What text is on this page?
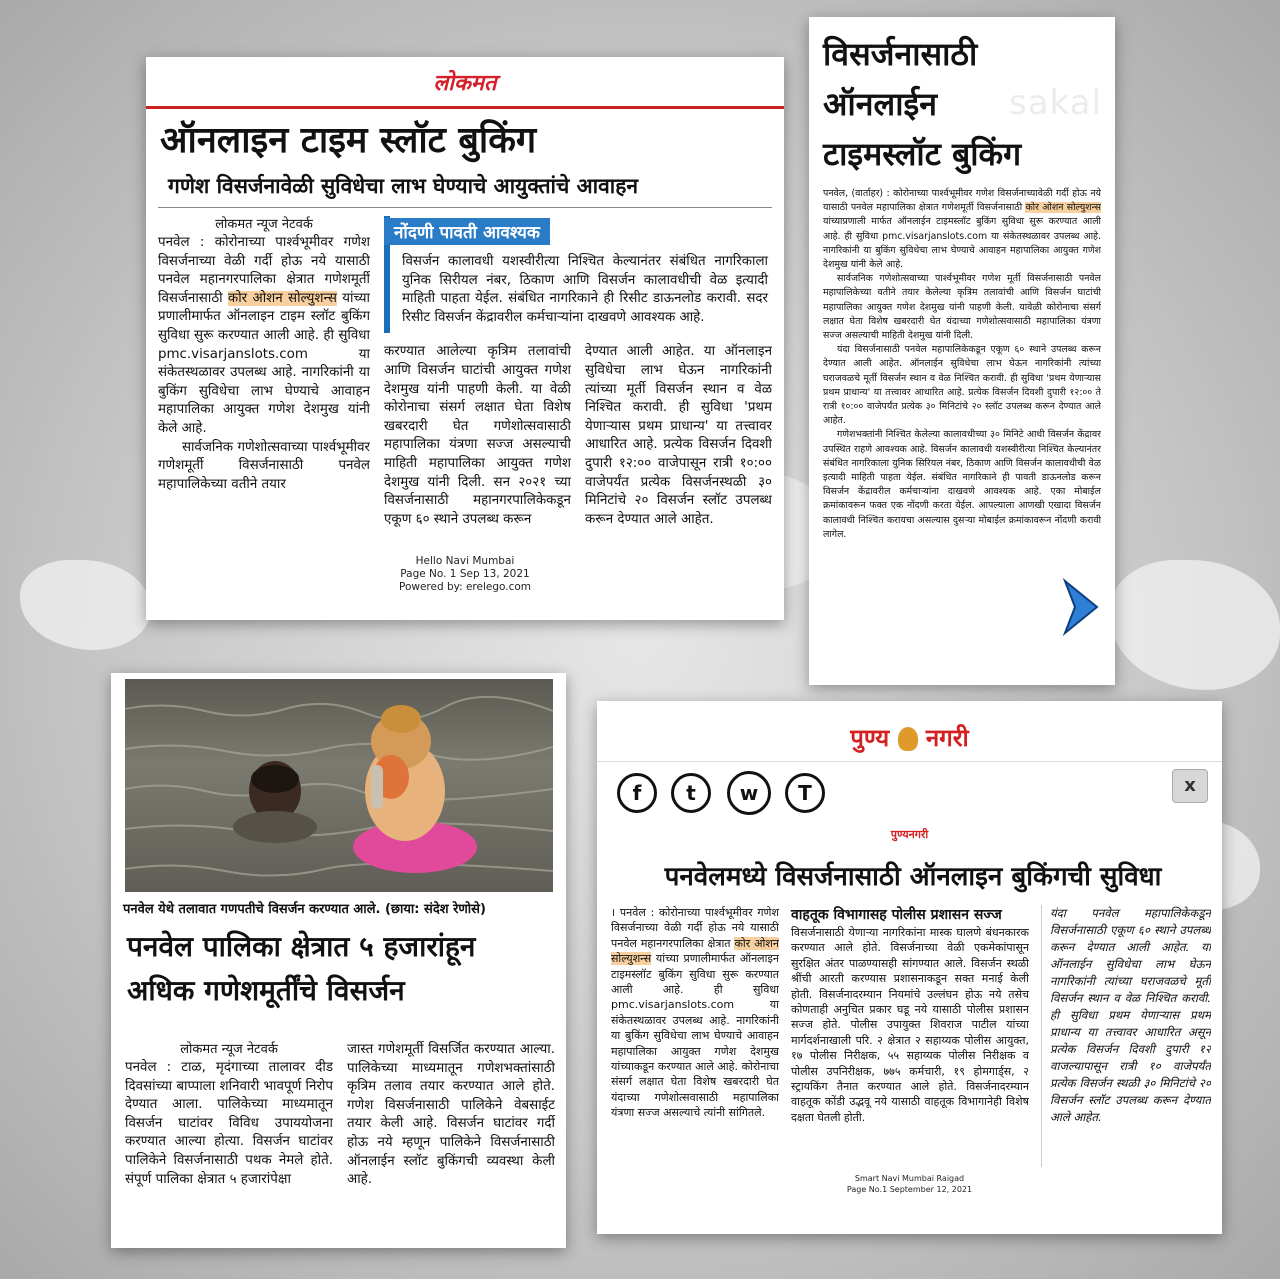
लोकमत
ऑनलाइन टाइम स्लॉट बुकिंग
गणेश विसर्जनावेळी सुविधेचा लाभ घेण्याचे आयुक्तांचे आवाहन
लोकमत न्यूज नेटवर्क
पनवेल : कोरोनाच्या पार्श्वभूमीवर गणेश विसर्जनाच्या वेळी गर्दी होऊ नये यासाठी पनवेल महानगरपालिका क्षेत्रात गणेशमूर्ती विसर्जनासाठी कोर ओशन सोल्युशन्स यांच्या प्रणालीमार्फत ऑनलाइन टाइम स्लॉट बुकिंग सुविधा सुरू करण्यात आली आहे. ही सुविधा pmc.visarjanslots.com या संकेतस्थळावर उपलब्ध आहे. नागरिकांनी या बुकिंग सुविधेचा लाभ घेण्याचे आवाहन महापालिका आयुक्त गणेश देशमुख यांनी केले आहे.
सार्वजनिक गणेशोत्सवाच्या पार्श्वभूमीवर गणेशमूर्ती विसर्जनासाठी पनवेल महापालिकेच्या वतीने तयार
नोंदणी पावती आवश्यक
विसर्जन कालावधी यशस्वीरीत्या निश्चित केल्यानंतर संबंधित नागरिकाला युनिक सिरीयल नंबर, ठिकाण आणि विसर्जन कालावधीची वेळ इत्यादी माहिती पाहता येईल. संबंधित नागरिकाने ही रिसीट डाऊनलोड करावी. सदर रिसीट विसर्जन केंद्रावरील कर्मचाऱ्यांना दाखवणे आवश्यक आहे.
करण्यात आलेल्या कृत्रिम तलावांची आणि विसर्जन घाटांची आयुक्त गणेश देशमुख यांनी पाहणी केली. या वेळी कोरोनाचा संसर्ग लक्षात घेता विशेष खबरदारी घेत गणेशोत्सवासाठी महापालिका यंत्रणा सज्ज असल्याची माहिती महापालिका आयुक्त गणेश देशमुख यांनी दिली. सन २०२१ च्या विसर्जनासाठी महानगरपालिकेकडून एकूण ६० स्थाने उपलब्ध करून
देण्यात आली आहेत. या ऑनलाइन सुविधेचा लाभ घेऊन नागरिकांनी त्यांच्या मूर्ती विसर्जन स्थान व वेळ निश्चित करावी. ही सुविधा 'प्रथम येणाऱ्यास प्रथम प्राधान्य' या तत्त्वावर आधारित आहे. प्रत्येक विसर्जन दिवशी दुपारी १२:०० वाजेपासून रात्री १०:०० वाजेपर्यंत प्रत्येक विसर्जनस्थळी ३० मिनिटांचे २० विसर्जन स्लॉट उपलब्ध करून देण्यात आले आहेत.
Hello Navi Mumbai
Page No. 1 Sep 13, 2021
Powered by: erelego.com
sakal
विसर्जनासाठी
ऑनलाईन
टाइमस्लॉट बुकिंग
पनवेल, (वार्ताहर) : कोरोनाच्या पार्श्वभूमीवर गणेश विसर्जनाच्यावेळी गर्दी होऊ नये यासाठी पनवेल महापालिका क्षेत्रात गणेशमूर्ती विसर्जनासाठी कोर ओशन सोल्युशन्स यांच्याप्रणाली मार्फत ऑनलाईन टाइमस्लॉट बुकिंग सुविधा सुरू करण्यात आली आहे. ही सुविधा pmc.visarjanslots.com या संकेतस्थळावर उपलब्ध आहे. नागरिकांनी या बुकिंग सुविधेचा लाभ घेण्याचे आवाहन महापालिका आयुक्त गणेश देशमुख यांनी केले आहे.
सार्वजनिक गणेशोत्सवाच्या पार्श्वभूमीवर गणेश मूर्ती विसर्जनासाठी पनवेल महापालिकेच्या वतीने तयार केलेल्या कृत्रिम तलावांची आणि विसर्जन घाटांची महापालिका आयुक्त गणेश देशमुख यांनी पाहणी केली. यावेळी कोरोनाचा संसर्ग लक्षात घेता विशेष खबरदारी घेत यंदाच्या गणेशोत्सवासाठी महापालिका यंत्रणा सज्ज असल्याची माहिती देशमुख यांनी दिली.
यंदा विसर्जनासाठी पनवेल महापालिकेकडून एकूण ६० स्थाने उपलब्ध करून देण्यात आली आहेत. ऑनलाईन सुविधेचा लाभ घेऊन नागरिकांनी त्यांच्या घराजवळचे मूर्ती विसर्जन स्थान व वेळ निश्चित करावी. ही सुविधा 'प्रथम येणाऱ्यास प्रथम प्राधान्य' या तत्त्वावर आधारित आहे. प्रत्येक विसर्जन दिवशी दुपारी १२:०० ते रात्री १०:०० वाजेपर्यंत प्रत्येक ३० मिनिटांचे २० स्लॉट उपलब्ध करून देण्यात आले आहेत.
गणेशभक्तांनी निश्चित केलेल्या कालावधीच्या ३० मिनिटे आधी विसर्जन केंद्रावर उपस्थित राहणे आवश्यक आहे. विसर्जन कालावधी यशस्वीरीत्या निश्चित केल्यानंतर संबंधित नागरिकाला युनिक सिरियल नंबर, ठिकाण आणि विसर्जन कालावधीची वेळ इत्यादी माहिती पाहता येईल. संबंधित नागरिकाने ही पावती डाऊनलोड करून विसर्जन केंद्रावरील कर्मचाऱ्यांना दाखवणे आवश्यक आहे. एका मोबाईल क्रमांकावरून फक्त एक नोंदणी करता येईल. आपल्याला आणखी एखादा विसर्जन कालावधी निश्चित करायचा असल्यास दुसऱ्या मोबाईल क्रमांकावरून नोंदणी करावी लागेल.
पनवेल येथे तलावात गणपतीचे विसर्जन करण्यात आले. (छाया: संदेश रेणोसे)
पनवेल पालिका क्षेत्रात ५ हजारांहून
अधिक गणेशमूर्तींचे विसर्जन
लोकमत न्यूज नेटवर्क
पनवेल : टाळ, मृदंगाच्या तालावर दीड दिवसांच्या बाप्पाला शनिवारी भावपूर्ण निरोप देण्यात आला. पालिकेच्या माध्यमातून विसर्जन घाटांवर विविध उपाययोजना करण्यात आल्या होत्या. विसर्जन घाटांवर पालिकेने विसर्जनासाठी पथक नेमले होते. संपूर्ण पालिका क्षेत्रात ५ हजारांपेक्षा
जास्त गणेशमूर्ती विसर्जित करण्यात आल्या. पालिकेच्या माध्यमातून गणेशभक्तांसाठी कृत्रिम तलाव तयार करण्यात आले होते. गणेश विसर्जनासाठी पालिकेने वेबसाईट तयार केली आहे. विसर्जन घाटांवर गर्दी होऊ नये म्हणून पालिकेने विसर्जनासाठी ऑनलाईन स्लॉट बुकिंगची व्यवस्था केली आहे.
पुण्य नगरी
f	t	w	T	x
पुण्यनगरी
पनवेलमध्ये विसर्जनासाठी ऑनलाइन बुकिंगची सुविधा
। पनवेल : कोरोनाच्या पार्श्वभूमीवर गणेश विसर्जनाच्या वेळी गर्दी होऊ नये यासाठी पनवेल महानगरपालिका क्षेत्रात कोर ओशन सोल्युशन्स यांच्या प्रणालीमार्फत ऑनलाइन टाइमस्लॉट बुकिंग सुविधा सुरू करण्यात आली आहे. ही सुविधा pmc.visarjanslots.com या संकेतस्थळावर उपलब्ध आहे. नागरिकांनी या बुकिंग सुविधेचा लाभ घेण्याचे आवाहन महापालिका आयुक्त गणेश देशमुख यांच्याकडून करण्यात आले आहे. कोरोनाचा संसर्ग लक्षात घेता विशेष खबरदारी घेत यंदाच्या गणेशोत्सवासाठी महापालिका यंत्रणा सज्ज असल्याचे त्यांनी सांगितले.
वाहतूक विभागासह पोलीस प्रशासन सज्ज
विसर्जनासाठी येणाऱ्या नागरिकांना मास्क घालणे बंधनकारक करण्यात आले होते. विसर्जनाच्या वेळी एकमेकांपासून सुरक्षित अंतर पाळण्यासही सांगण्यात आले. विसर्जन स्थळी श्रींची आरती करण्यास प्रशासनाकडून सक्त मनाई केली होती. विसर्जनादरम्यान नियमांचे उल्लंघन होऊ नये तसेच कोणताही अनुचित प्रकार घडू नये यासाठी पोलीस प्रशासन सज्ज होते. पोलीस उपायुक्त शिवराज पाटील यांच्या मार्गदर्शनाखाली परि. २ क्षेत्रात २ सहाय्यक पोलीस आयुक्त, १७ पोलीस निरीक्षक, ५५ सहाय्यक पोलीस निरीक्षक व पोलीस उपनिरीक्षक, ७७५ कर्मचारी, १९ होमगार्ड्स, २ स्ट्रायकिंग तैनात करण्यात आले होते. विसर्जनादरम्यान वाहतूक कोंडी उद्भवू नये यासाठी वाहतूक विभागानेही विशेष दक्षता घेतली होती.
यंदा पनवेल महापालिकेकडून विसर्जनासाठी एकूण ६० स्थाने उपलब्ध करून देण्यात आली आहेत. या ऑनलाईन सुविधेचा लाभ घेऊन नागरिकांनी त्यांच्या घराजवळचे मूर्ती विसर्जन स्थान व वेळ निश्चित करावी. ही सुविधा प्रथम येणाऱ्यास प्रथम प्राधान्य या तत्त्वावर आधारित असून प्रत्येक विसर्जन दिवशी दुपारी १२ वाजल्यापासून रात्री १० वाजेपर्यंत प्रत्येक विसर्जन स्थळी ३० मिनिटांचे २० विसर्जन स्लॉट उपलब्ध करून देण्यात आले आहेत.
Smart Navi Mumbai Raigad
Page No.1 September 12, 2021
